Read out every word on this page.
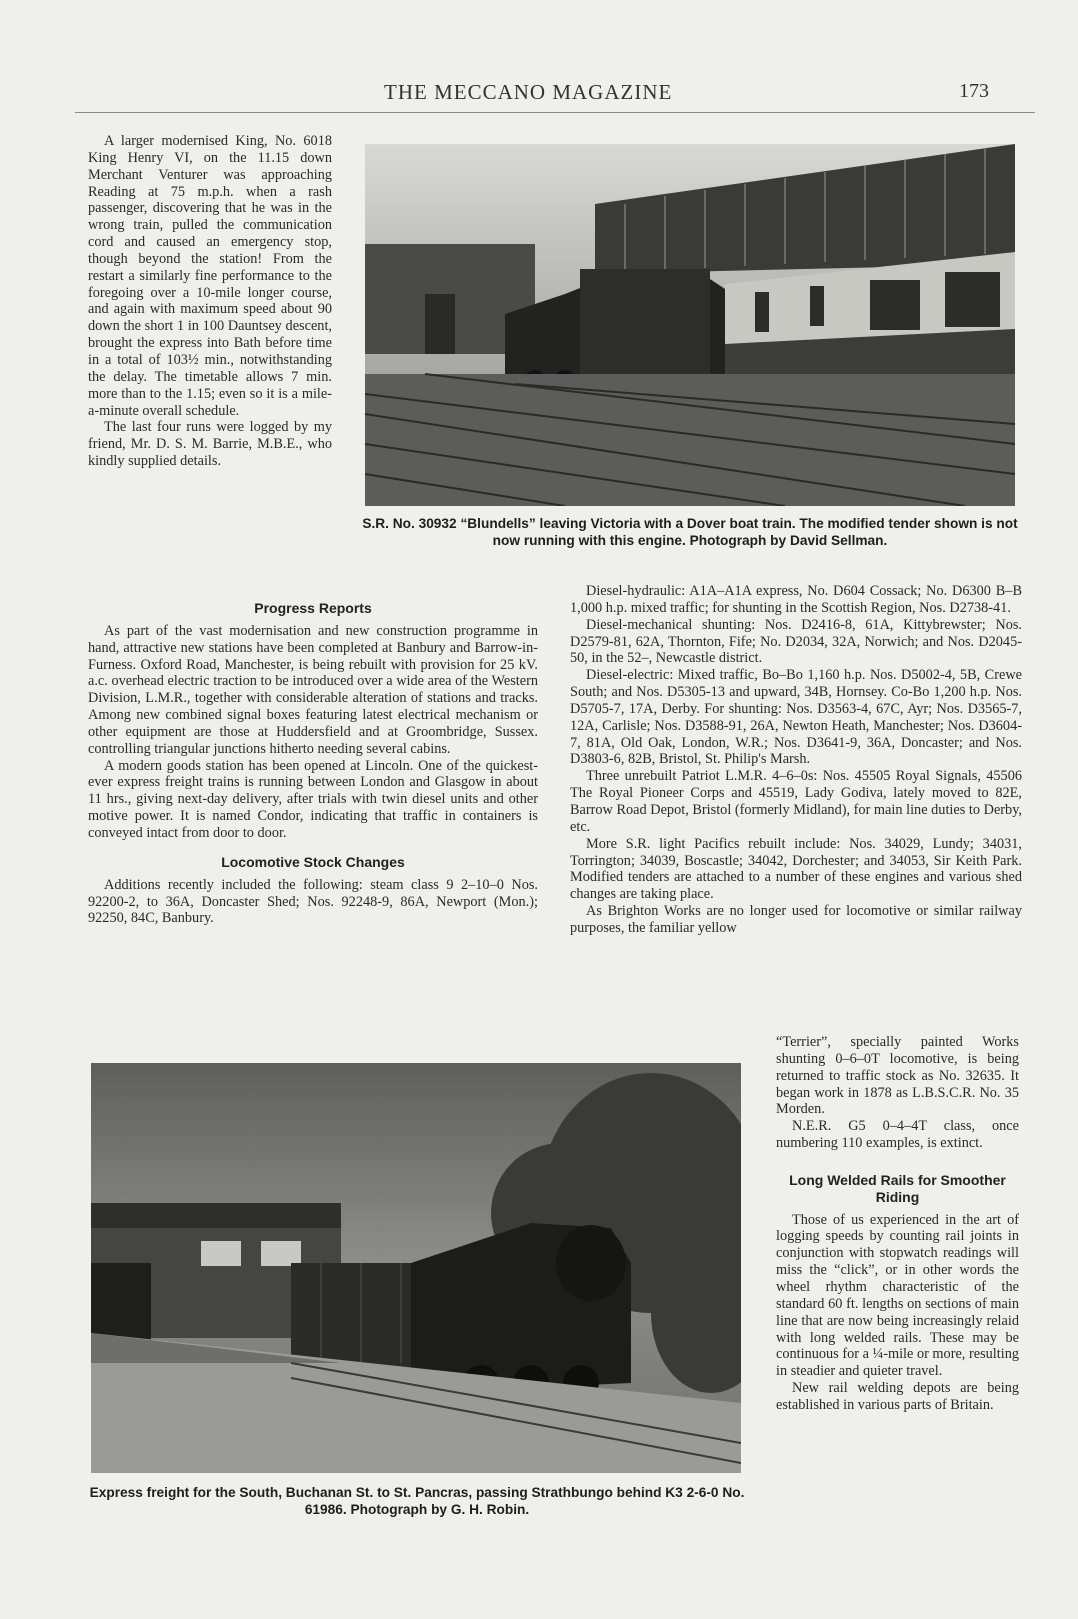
THE MECCANO MAGAZINE	173

A larger modernised King, No. 6018 King Henry VI, on the 11.15 down Merchant Venturer was approaching Reading at 75 m.p.h. when a rash passenger, discovering that he was in the wrong train, pulled the communication cord and caused an emergency stop, though beyond the station! From the restart a similarly fine performance to the foregoing over a 10-mile longer course, and again with maximum speed about 90 down the short 1 in 100 Dauntsey descent, brought the express into Bath before time in a total of 103½ min., notwithstanding the delay. The timetable allows 7 min. more than to the 1.15; even so it is a mile-a-minute overall schedule.

The last four runs were logged by my friend, Mr. D. S. M. Barrie, M.B.E., who kindly supplied details.

S.R. No. 30932 “Blundells” leaving Victoria with a Dover boat train. The modified tender shown is not now running with this engine. Photograph by David Sellman.
Progress Reports

As part of the vast modernisation and new construction programme in hand, attractive new stations have been completed at Banbury and Barrow-in-Furness. Oxford Road, Manchester, is being rebuilt with provision for 25 kV. a.c. overhead electric traction to be introduced over a wide area of the Western Division, L.M.R., together with considerable alteration of stations and tracks. Among new combined signal boxes featuring latest electrical mechanism or other equipment are those at Huddersfield and at Groombridge, Sussex. controlling triangular junctions hitherto needing several cabins.

A modern goods station has been opened at Lincoln. One of the quickest-ever express freight trains is running between London and Glasgow in about 11 hrs., giving next-day delivery, after trials with twin diesel units and other motive power. It is named Condor, indicating that traffic in containers is conveyed intact from door to door.

Locomotive Stock Changes

Additions recently included the following: steam class 9 2–10–0 Nos. 92200-2, to 36A, Doncaster Shed; Nos. 92248-9, 86A, Newport (Mon.); 92250, 84C, Banbury.

Diesel-hydraulic: A1A–A1A express, No. D604 Cossack; No. D6300 B–B 1,000 h.p. mixed traffic; for shunting in the Scottish Region, Nos. D2738-41.

Diesel-mechanical shunting: Nos. D2416-8, 61A, Kittybrewster; Nos. D2579-81, 62A, Thornton, Fife; No. D2034, 32A, Norwich; and Nos. D2045-50, in the 52–, Newcastle district.

Diesel-electric: Mixed traffic, Bo–Bo 1,160 h.p. Nos. D5002-4, 5B, Crewe South; and Nos. D5305-13 and upward, 34B, Hornsey. Co-Bo 1,200 h.p. Nos. D5705-7, 17A, Derby. For shunting: Nos. D3563-4, 67C, Ayr; Nos. D3565-7, 12A, Carlisle; Nos. D3588-91, 26A, Newton Heath, Manchester; Nos. D3604-7, 81A, Old Oak, London, W.R.; Nos. D3641-9, 36A, Doncaster; and Nos. D3803-6, 82B, Bristol, St. Philip's Marsh.

Three unrebuilt Patriot L.M.R. 4–6–0s: Nos. 45505 Royal Signals, 45506 The Royal Pioneer Corps and 45519, Lady Godiva, lately moved to 82E, Barrow Road Depot, Bristol (formerly Midland), for main line duties to Derby, etc.

More S.R. light Pacifics rebuilt include: Nos. 34029, Lundy; 34031, Torrington; 34039, Boscastle; 34042, Dorchester; and 34053, Sir Keith Park. Modified tenders are attached to a number of these engines and various shed changes are taking place.

As Brighton Works are no longer used for locomotive or similar railway purposes, the familiar yellow

“Terrier”, specially painted Works shunting 0–6–0T locomotive, is being returned to traffic stock as No. 32635. It began work in 1878 as L.B.S.C.R. No. 35 Morden.

N.E.R. G5 0–4–4T class, once numbering 110 examples, is extinct.

Long Welded Rails for Smoother Riding

Those of us experienced in the art of logging speeds by counting rail joints in conjunction with stopwatch readings will miss the “click”, or in other words the wheel rhythm characteristic of the standard 60 ft. lengths on sections of main line that are now being increasingly relaid with long welded rails. These may be continuous for a ¼-mile or more, resulting in steadier and quieter travel.

New rail welding depots are being established in various parts of Britain.

Express freight for the South, Buchanan St. to St. Pancras, passing Strathbungo behind K3 2-6-0 No. 61986. Photograph by G. H. Robin.
